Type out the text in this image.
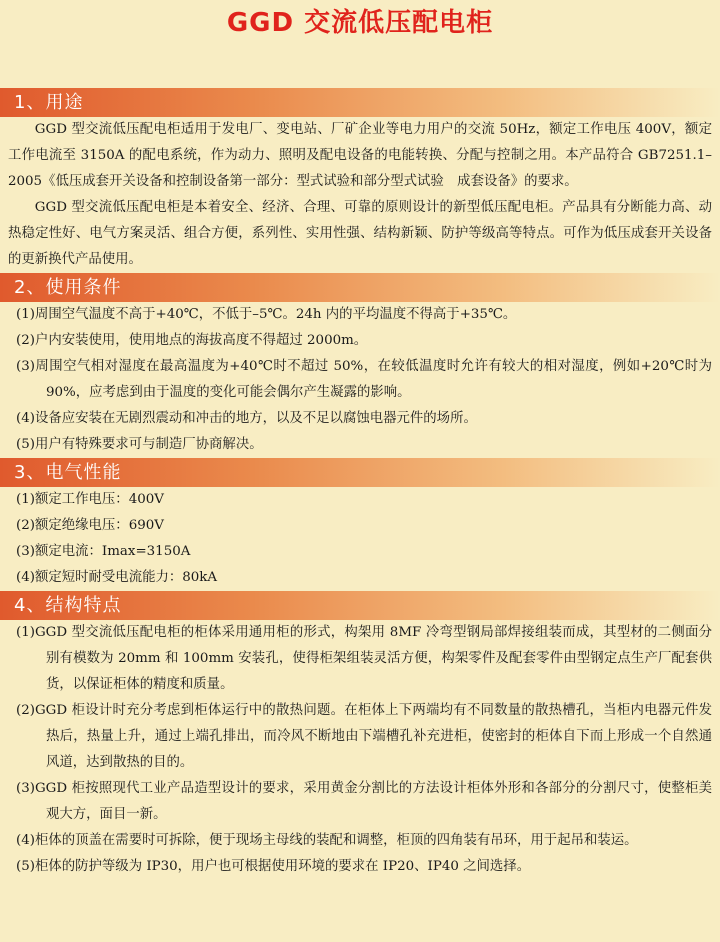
GGD 交流低压配电柜
1、用途

GGD 型交流低压配电柜适用于发电厂、变电站、厂矿企业等电力用户的交流 50Hz，额定工作电压 400V，额定工作电流至 3150A 的配电系统，作为动力、照明及配电设备的电能转换、分配与控制之用。本产品符合 GB7251.1–2005《低压成套开关设备和控制设备第一部分：型式试验和部分型式试验　成套设备》的要求。

GGD 型交流低压配电柜是本着安全、经济、合理、可靠的原则设计的新型低压配电柜。产品具有分断能力高、动热稳定性好、电气方案灵活、组合方便，系列性、实用性强、结构新颖、防护等级高等特点。可作为低压成套开关设备的更新换代产品使用。

2、使用条件

(1)周围空气温度不高于+40℃，不低于–5℃。24h 内的平均温度不得高于+35℃。

(2)户内安装使用，使用地点的海拔高度不得超过 2000m。

(3)周围空气相对湿度在最高温度为+40℃时不超过 50%，在较低温度时允许有较大的相对湿度，例如+20℃时为 90%，应考虑到由于温度的变化可能会偶尔产生凝露的影响。

(4)设备应安装在无剧烈震动和冲击的地方，以及不足以腐蚀电器元件的场所。

(5)用户有特殊要求可与制造厂协商解决。

3、电气性能

(1)额定工作电压：400V

(2)额定绝缘电压：690V

(3)额定电流：Imax=3150A

(4)额定短时耐受电流能力：80kA

4、结构特点

(1)GGD 型交流低压配电柜的柜体采用通用柜的形式，构架用 8MF 冷弯型钢局部焊接组装而成，其型材的二侧面分别有模数为 20mm 和 100mm 安装孔，使得柜架组装灵活方便，构架零件及配套零件由型钢定点生产厂配套供货，以保证柜体的精度和质量。

(2)GGD 柜设计时充分考虑到柜体运行中的散热问题。在柜体上下两端均有不同数量的散热槽孔，当柜内电器元件发热后，热量上升，通过上端孔排出，而冷风不断地由下端槽孔补充进柜，使密封的柜体自下而上形成一个自然通风道，达到散热的目的。

(3)GGD 柜按照现代工业产品造型设计的要求，采用黄金分割比的方法设计柜体外形和各部分的分割尺寸，使整柜美观大方，面目一新。

(4)柜体的顶盖在需要时可拆除，便于现场主母线的装配和调整，柜顶的四角装有吊环，用于起吊和装运。

(5)柜体的防护等级为 IP30，用户也可根据使用环境的要求在 IP20、IP40 之间选择。
